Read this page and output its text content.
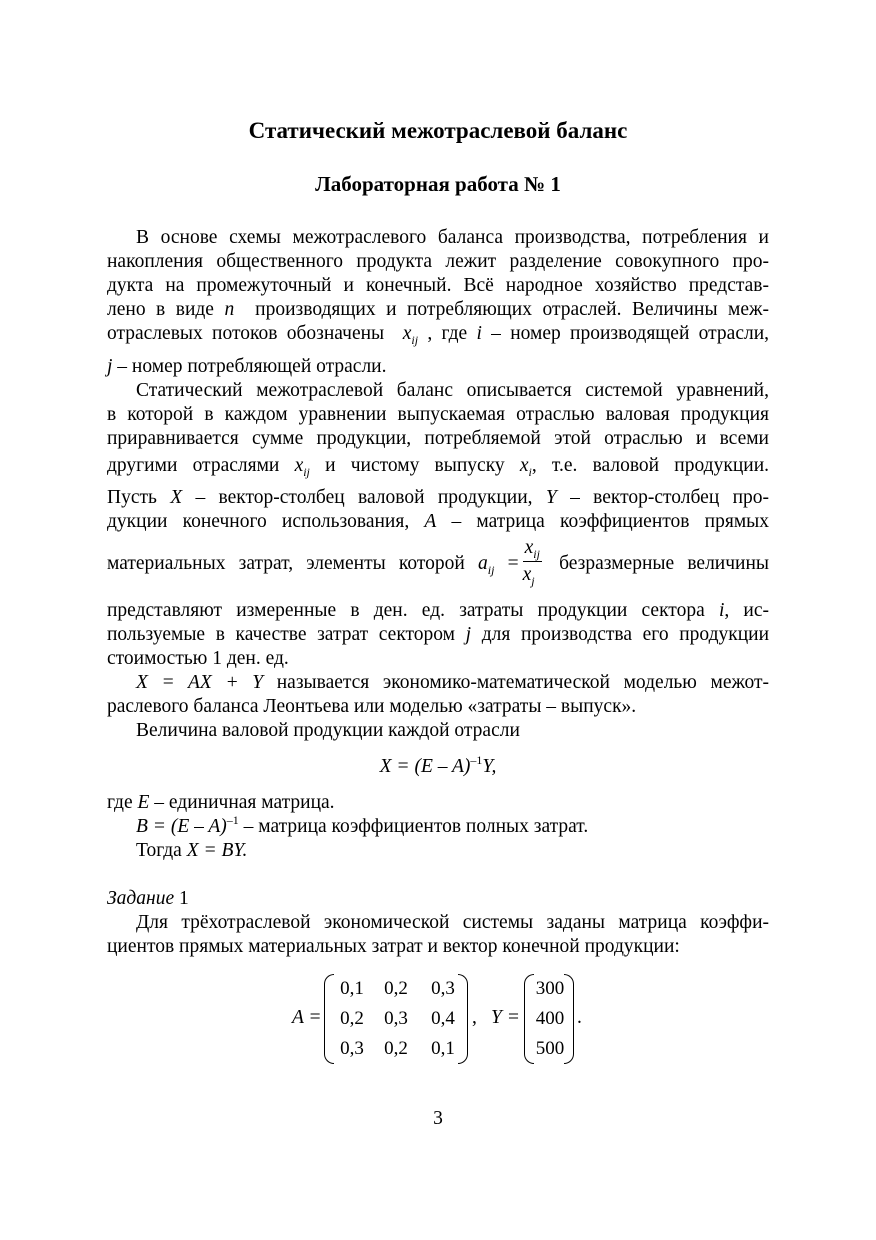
Статический межотраслевой баланс
Лабораторная работа № 1
В основе схемы межотраслевого баланса производства, потребления и
накопления общественного продукта лежит разделение совокупного про-
дукта на промежуточный и конечный. Всё народное хозяйство представ-
лено в виде n производящих и потребляющих отраслей. Величины меж-
отраслевых потоков обозначены $x_{ij}$ , где i – номер производящей отрасли,
j – номер потребляющей отрасли.
Статический межотраслевой баланс описывается системой уравнений,
в которой в каждом уравнении выпускаемая отраслью валовая продукция
приравнивается сумме продукции, потребляемой этой отраслью и всеми
другими отраслями $x_{ij}$ и чистому выпуску $x_i$, т.е. валовой продукции.
Пусть X – вектор-столбец валовой продукции, Y – вектор-столбец про-
дукции конечного использования, A – матрица коэффициентов прямых
материальных затрат, элементы которой $a_{ij} = \frac{x_{ij}}{x_j}$ безразмерные величины
представляют измеренные в ден. ед. затраты продукции сектора i, ис-
пользуемые в качестве затрат сектором j для производства его продукции
стоимостью 1 ден. ед.
X = AX + Y называется экономико-математической моделью межот-
раслевого баланса Леонтьева или моделью «затраты – выпуск».
Величина валовой продукции каждой отрасли
X = (E – A)$^{-1}$Y,
где E – единичная матрица.
B = (E – A)$^{-1}$ – матрица коэффициентов полных затрат.
Тогда X = BY.
Задание 1
Для трёхотраслевой экономической системы заданы матрица коэффи-
циентов прямых материальных затрат и вектор конечной продукции:
A =
0,1	0,2	0,3
0,2	0,3	0,4
0,3	0,2	0,1
, Y =
300
400
500
.
3
